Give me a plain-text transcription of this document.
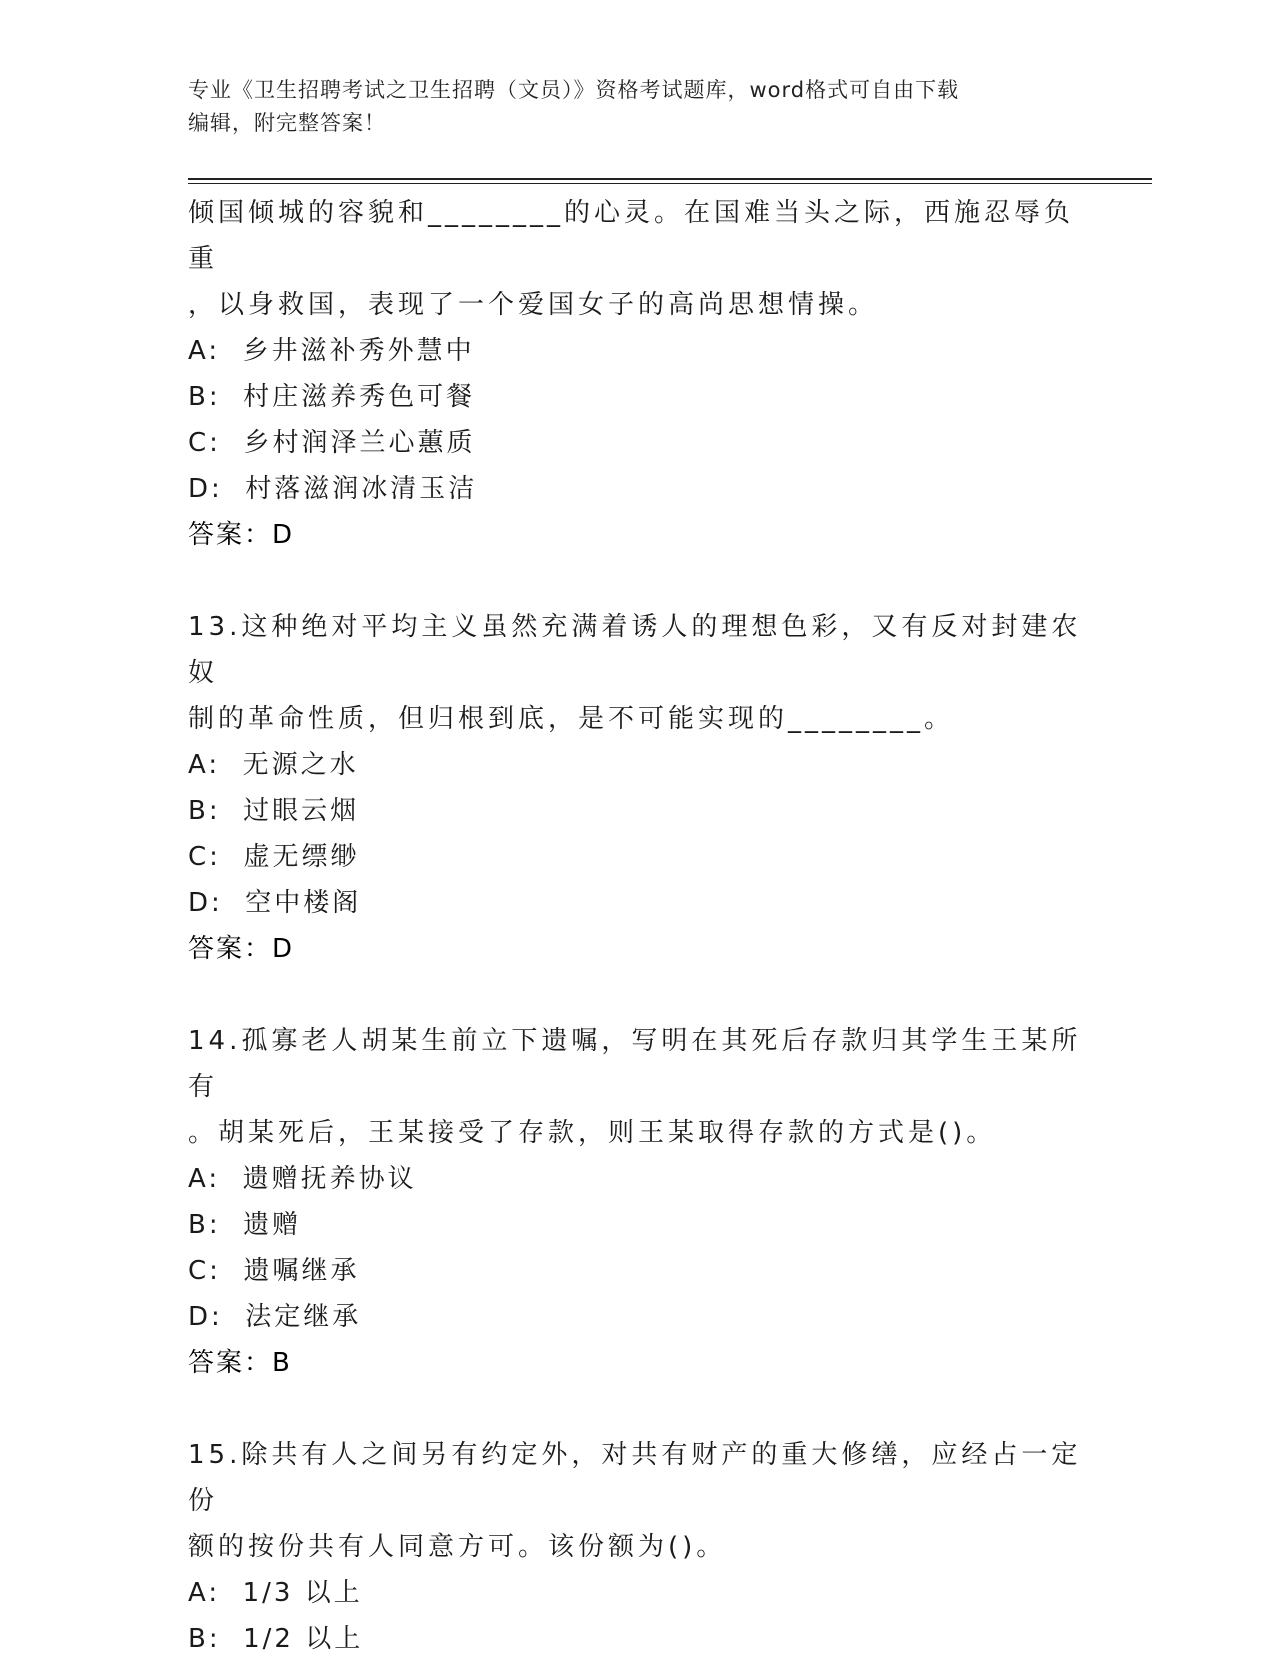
专业《卫生招聘考试之卫生招聘（文员）》资格考试题库，word格式可自由下载
编辑，附完整答案！
倾国倾城的容貌和________的心灵。在国难当头之际，西施忍辱负重
，以身救国，表现了一个爱国女子的高尚思想情操。
A:  乡井滋补秀外慧中
B:  村庄滋养秀色可餐
C:  乡村润泽兰心蕙质
D:  村落滋润冰清玉洁
答案：D
13.这种绝对平均主义虽然充满着诱人的理想色彩，又有反对封建农奴
制的革命性质，但归根到底，是不可能实现的________。
A:  无源之水
B:  过眼云烟
C:  虚无缥缈
D:  空中楼阁
答案：D
14.孤寡老人胡某生前立下遗嘱，写明在其死后存款归其学生王某所有
。胡某死后，王某接受了存款，则王某取得存款的方式是()。
A:  遗赠抚养协议
B:  遗赠
C:  遗嘱继承
D:  法定继承
答案：B
15.除共有人之间另有约定外，对共有财产的重大修缮，应经占一定份
额的按份共有人同意方可。该份额为()。
A:  1/3 以上
B:  1/2 以上
